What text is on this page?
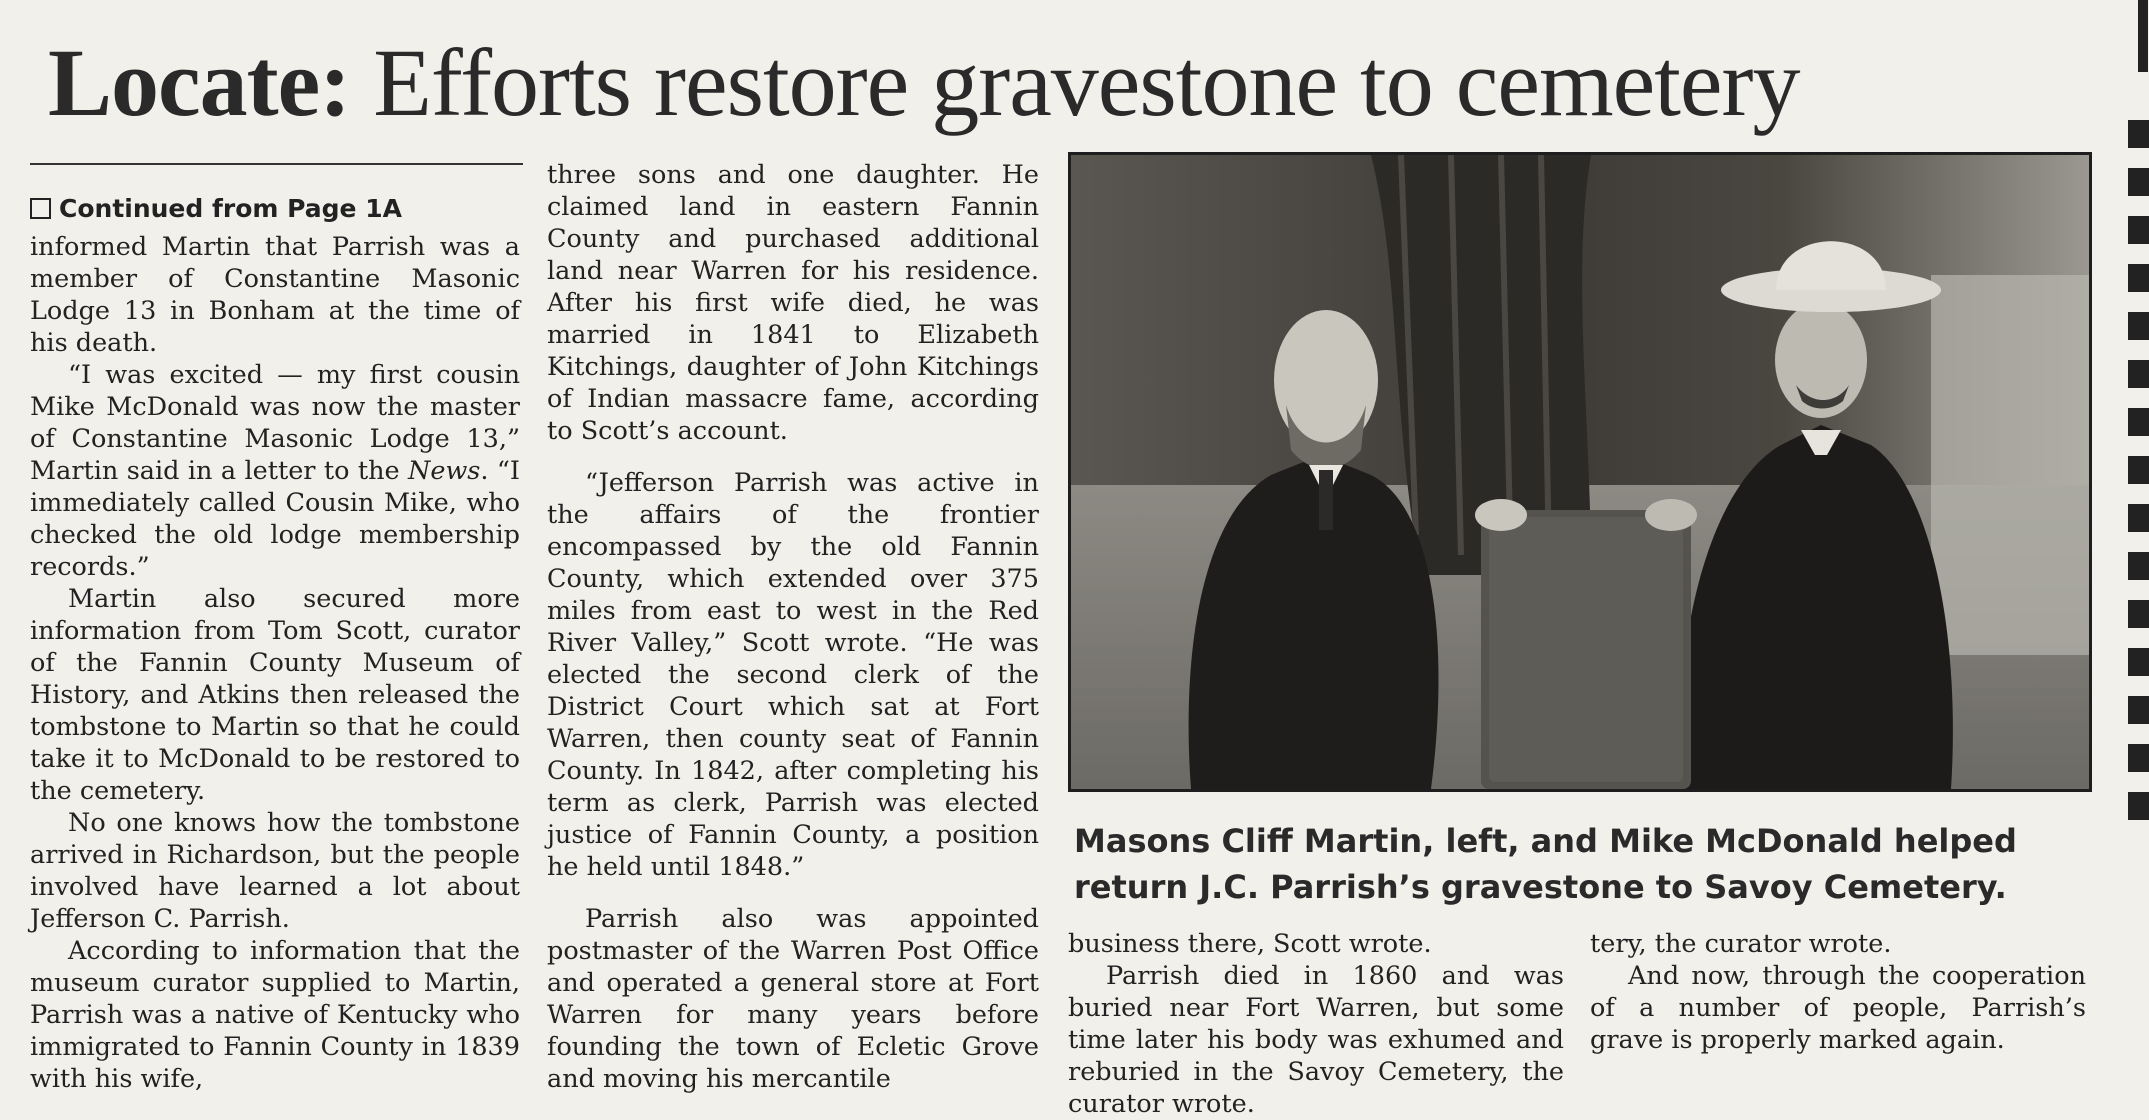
Locate: Efforts restore gravestone to cemetery
Continued from Page 1A

informed Martin that Parrish was a member of Constantine Masonic Lodge 13 in Bonham at the time of his death.

“I was excited — my first cousin Mike McDonald was now the master of Constantine Masonic Lodge 13,” Martin said in a letter to the News. “I immediately called Cousin Mike, who checked the old lodge membership records.”

Martin also secured more information from Tom Scott, curator of the Fannin County Museum of History, and Atkins then released the tombstone to Martin so that he could take it to McDonald to be restored to the cemetery.

No one knows how the tombstone arrived in Richardson, but the people involved have learned a lot about Jefferson C. Parrish.

According to information that the museum curator supplied to Martin, Parrish was a native of Kentucky who immigrated to Fannin County in 1839 with his wife,

three sons and one daughter. He claimed land in eastern Fannin County and purchased additional land near Warren for his residence. After his first wife died, he was married in 1841 to Elizabeth Kitchings, daughter of John Kitchings of Indian massacre fame, according to Scott’s account.

“Jefferson Parrish was active in the affairs of the frontier encompassed by the old Fannin County, which extended over 375 miles from east to west in the Red River Valley,” Scott wrote. “He was elected the second clerk of the District Court which sat at Fort Warren, then county seat of Fannin County. In 1842, after completing his term as clerk, Parrish was elected justice of Fannin County, a position he held until 1848.”

Parrish also was appointed postmaster of the Warren Post Office and operated a general store at Fort Warren for many years before founding the town of Ecletic Grove and moving his mercantile

Masons Cliff Martin, left, and Mike McDonald helped return J.C. Parrish’s gravestone to Savoy Cemetery.

business there, Scott wrote.

Parrish died in 1860 and was buried near Fort Warren, but some time later his body was exhumed and reburied in the Savoy Cemetery, the curator wrote.

tery, the curator wrote.

And now, through the cooperation of a number of people, Parrish’s grave is properly marked again.
